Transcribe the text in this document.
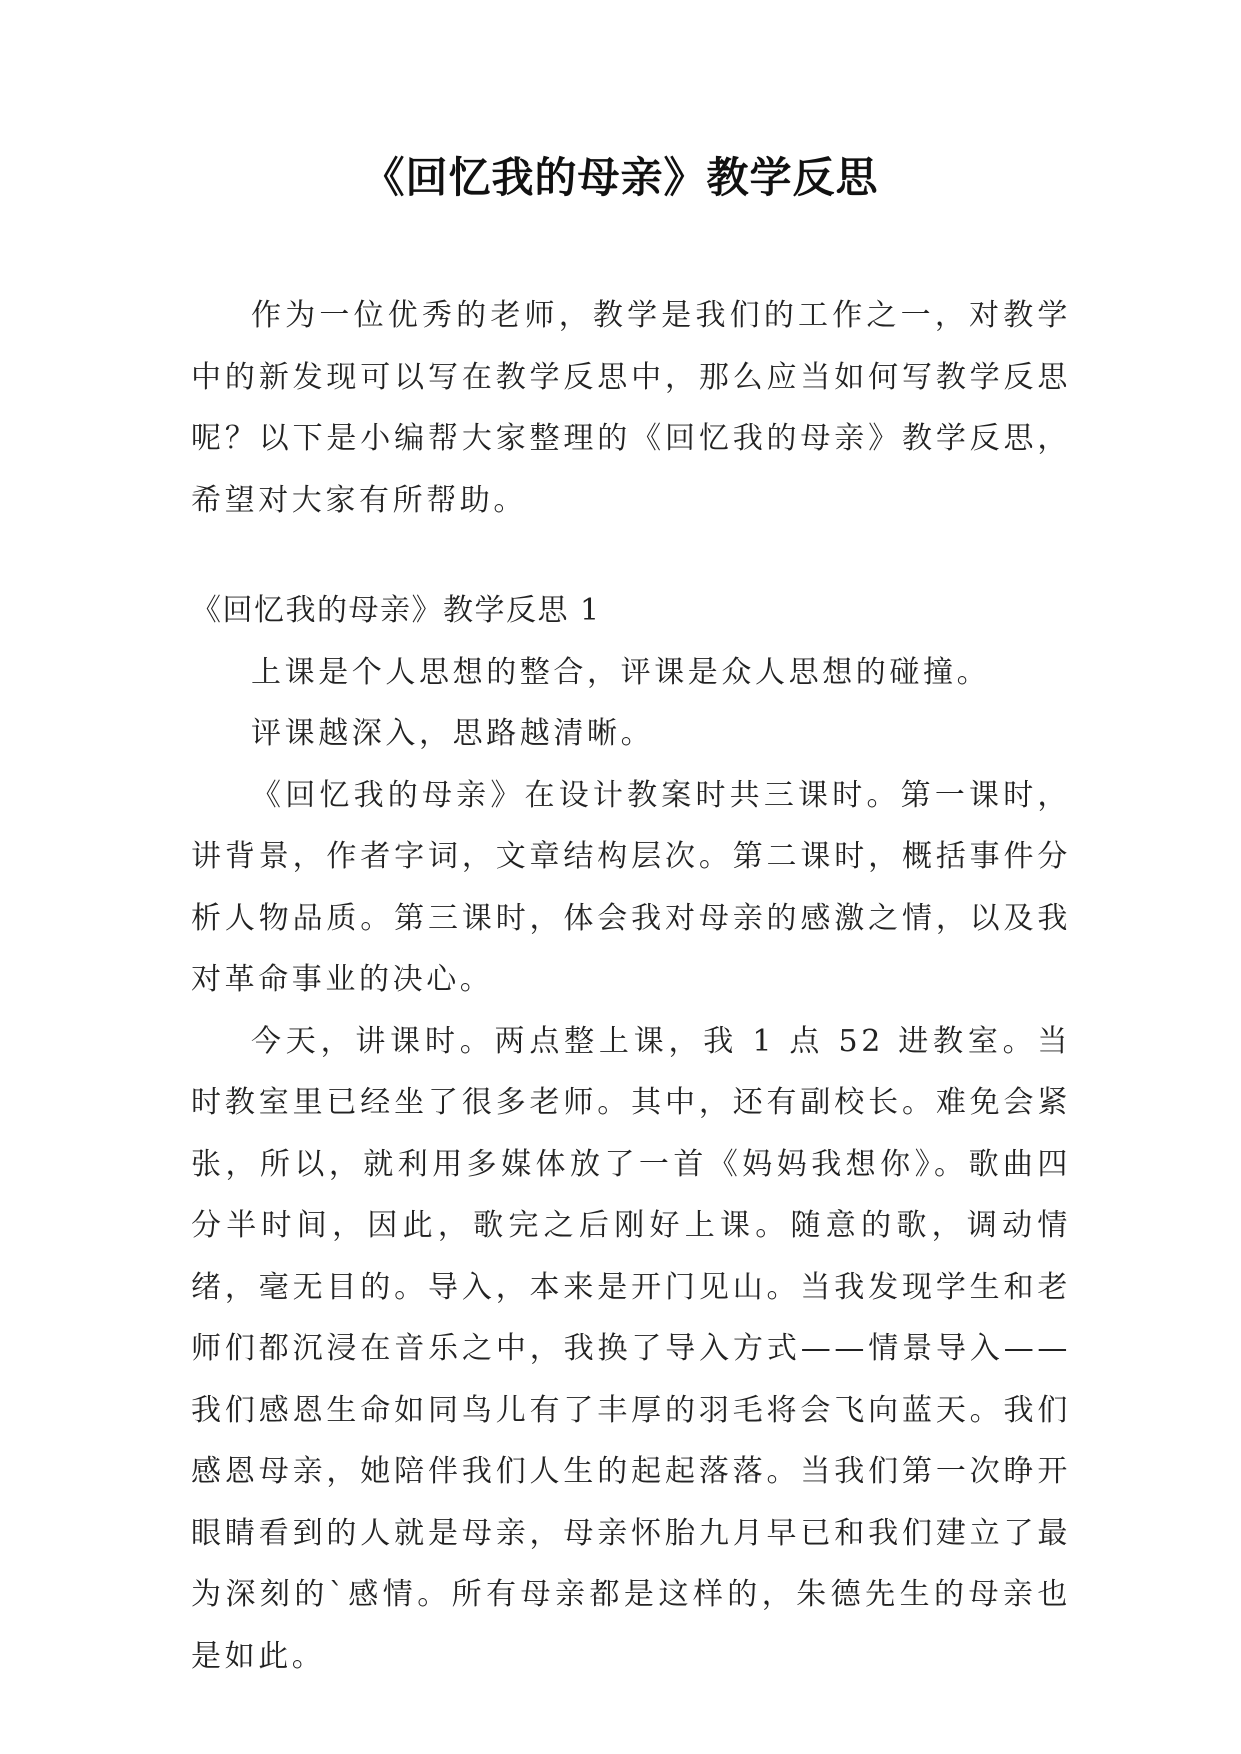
《回忆我的母亲》教学反思

作为一位优秀的老师，教学是我们的工作之一，对教学中的新发现可以写在教学反思中，那么应当如何写教学反思呢？以下是小编帮大家整理的《回忆我的母亲》教学反思，希望对大家有所帮助。

《回忆我的母亲》教学反思 1

上课是个人思想的整合，评课是众人思想的碰撞。

评课越深入，思路越清晰。

《回忆我的母亲》在设计教案时共三课时。第一课时，讲背景，作者字词，文章结构层次。第二课时，概括事件分析人物品质。第三课时，体会我对母亲的感激之情，以及我对革命事业的决心。

今天，讲课时。两点整上课，我 1 点 52 进教室。当时教室里已经坐了很多老师。其中，还有副校长。难免会紧张，所以，就利用多媒体放了一首《妈妈我想你》。歌曲四分半时间，因此，歌完之后刚好上课。随意的歌，调动情绪，毫无目的。导入，本来是开门见山。当我发现学生和老师们都沉浸在音乐之中，我换了导入方式——情景导入——我们感恩生命如同鸟儿有了丰厚的羽毛将会飞向蓝天。我们感恩母亲，她陪伴我们人生的起起落落。当我们第一次睁开眼睛看到的人就是母亲，母亲怀胎九月早已和我们建立了最为深刻的`感情。所有母亲都是这样的，朱德先生的母亲也是如此。
